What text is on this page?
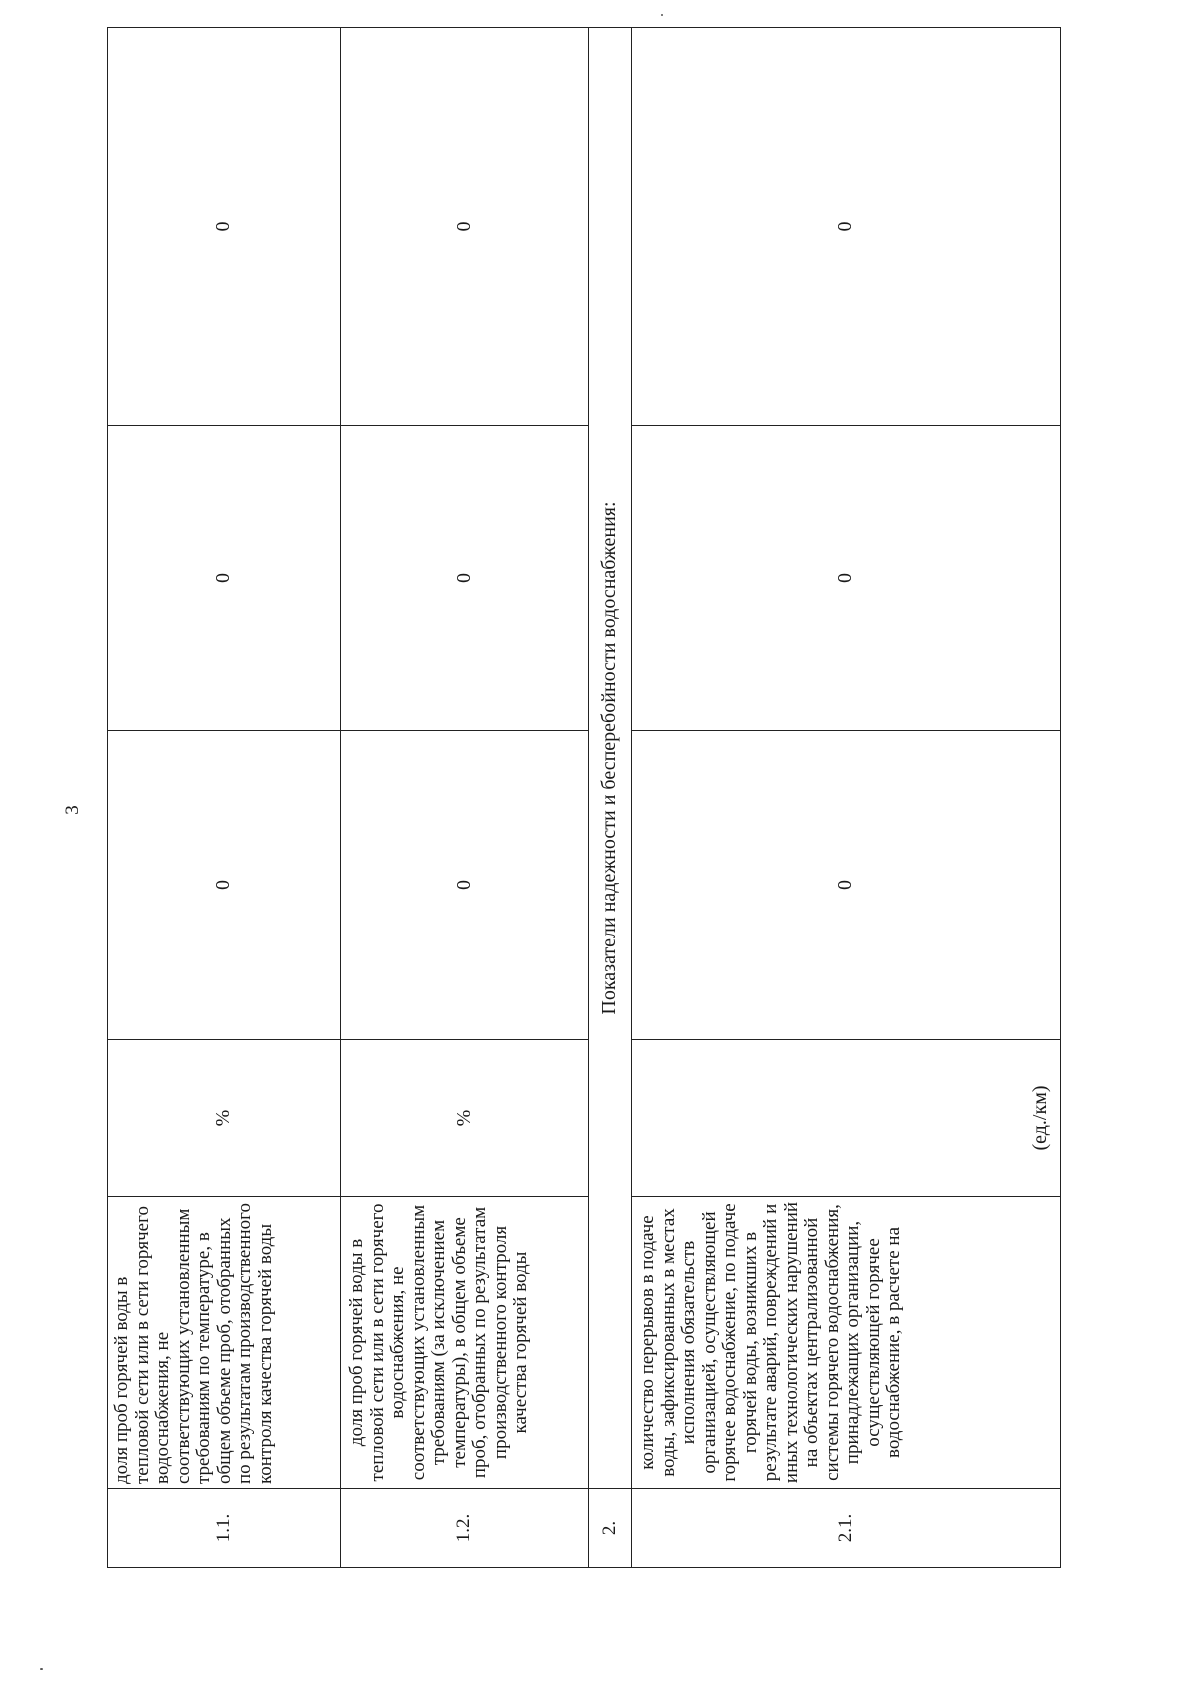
3
1.1.	доля проб горячей воды в тепловой сети или в сети горячего водоснабжения, не соответствующих установленным требованиям по температуре, в общем объеме проб, отобранных по результатам производственного контроля качества горячей воды	%	0	0	0
1.2.	доля проб горячей воды в тепловой сети или в сети горячего водоснабжения, не соответствующих установленным требованиям (за исключением температуры), в общем объеме проб, отобранных по результатам производственного контроля качества горячей воды	%	0	0	0
2.	Показатели надежности и бесперебойности водоснабжения:				
2.1.	количество перерывов в подаче воды, зафиксированных в местах исполнения обязательств организацией, осуществляющей горячее водоснабжение, по подаче горячей воды, возникших в результате аварий, повреждений и иных технологических нарушений на объектах централизованной системы горячего водоснабжения, принадлежащих организации, осуществляющей горячее водоснабжение, в расчете на	(ед./км)	0	0	0
